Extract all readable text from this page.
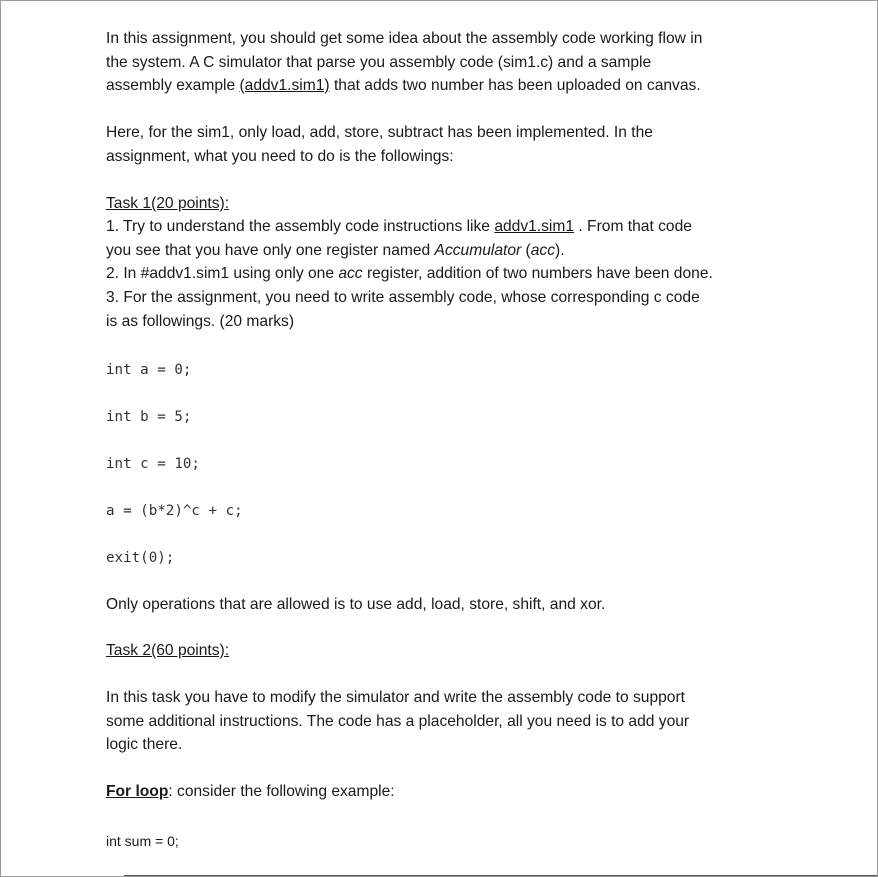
In this assignment, you should get some idea about the assembly code working flow in
the system. A C simulator that parse you assembly code (sim1.c) and a sample
assembly example (addv1.sim1) that adds two number has been uploaded on canvas.
Here, for the sim1, only load, add, store, subtract has been implemented. In the
assignment, what you need to do is the followings:
Task 1(20 points):
1. Try to understand the assembly code instructions like addv1.sim1 . From that code
you see that you have only one register named Accumulator (acc).
2. In #addv1.sim1 using only one acc register, addition of two numbers have been done.
3. For the assignment, you need to write assembly code, whose corresponding c code
is as followings. (20 marks)
int a = 0;
int b = 5;
int c = 10;
a = (b*2)^c + c;
exit(0);
Only operations that are allowed is to use add, load, store, shift, and xor.
Task 2(60 points):
In this task you have to modify the simulator and write the assembly code to support
some additional instructions. The code has a placeholder, all you need is to add your
logic there.
For loop: consider the following example:
int sum = 0;
